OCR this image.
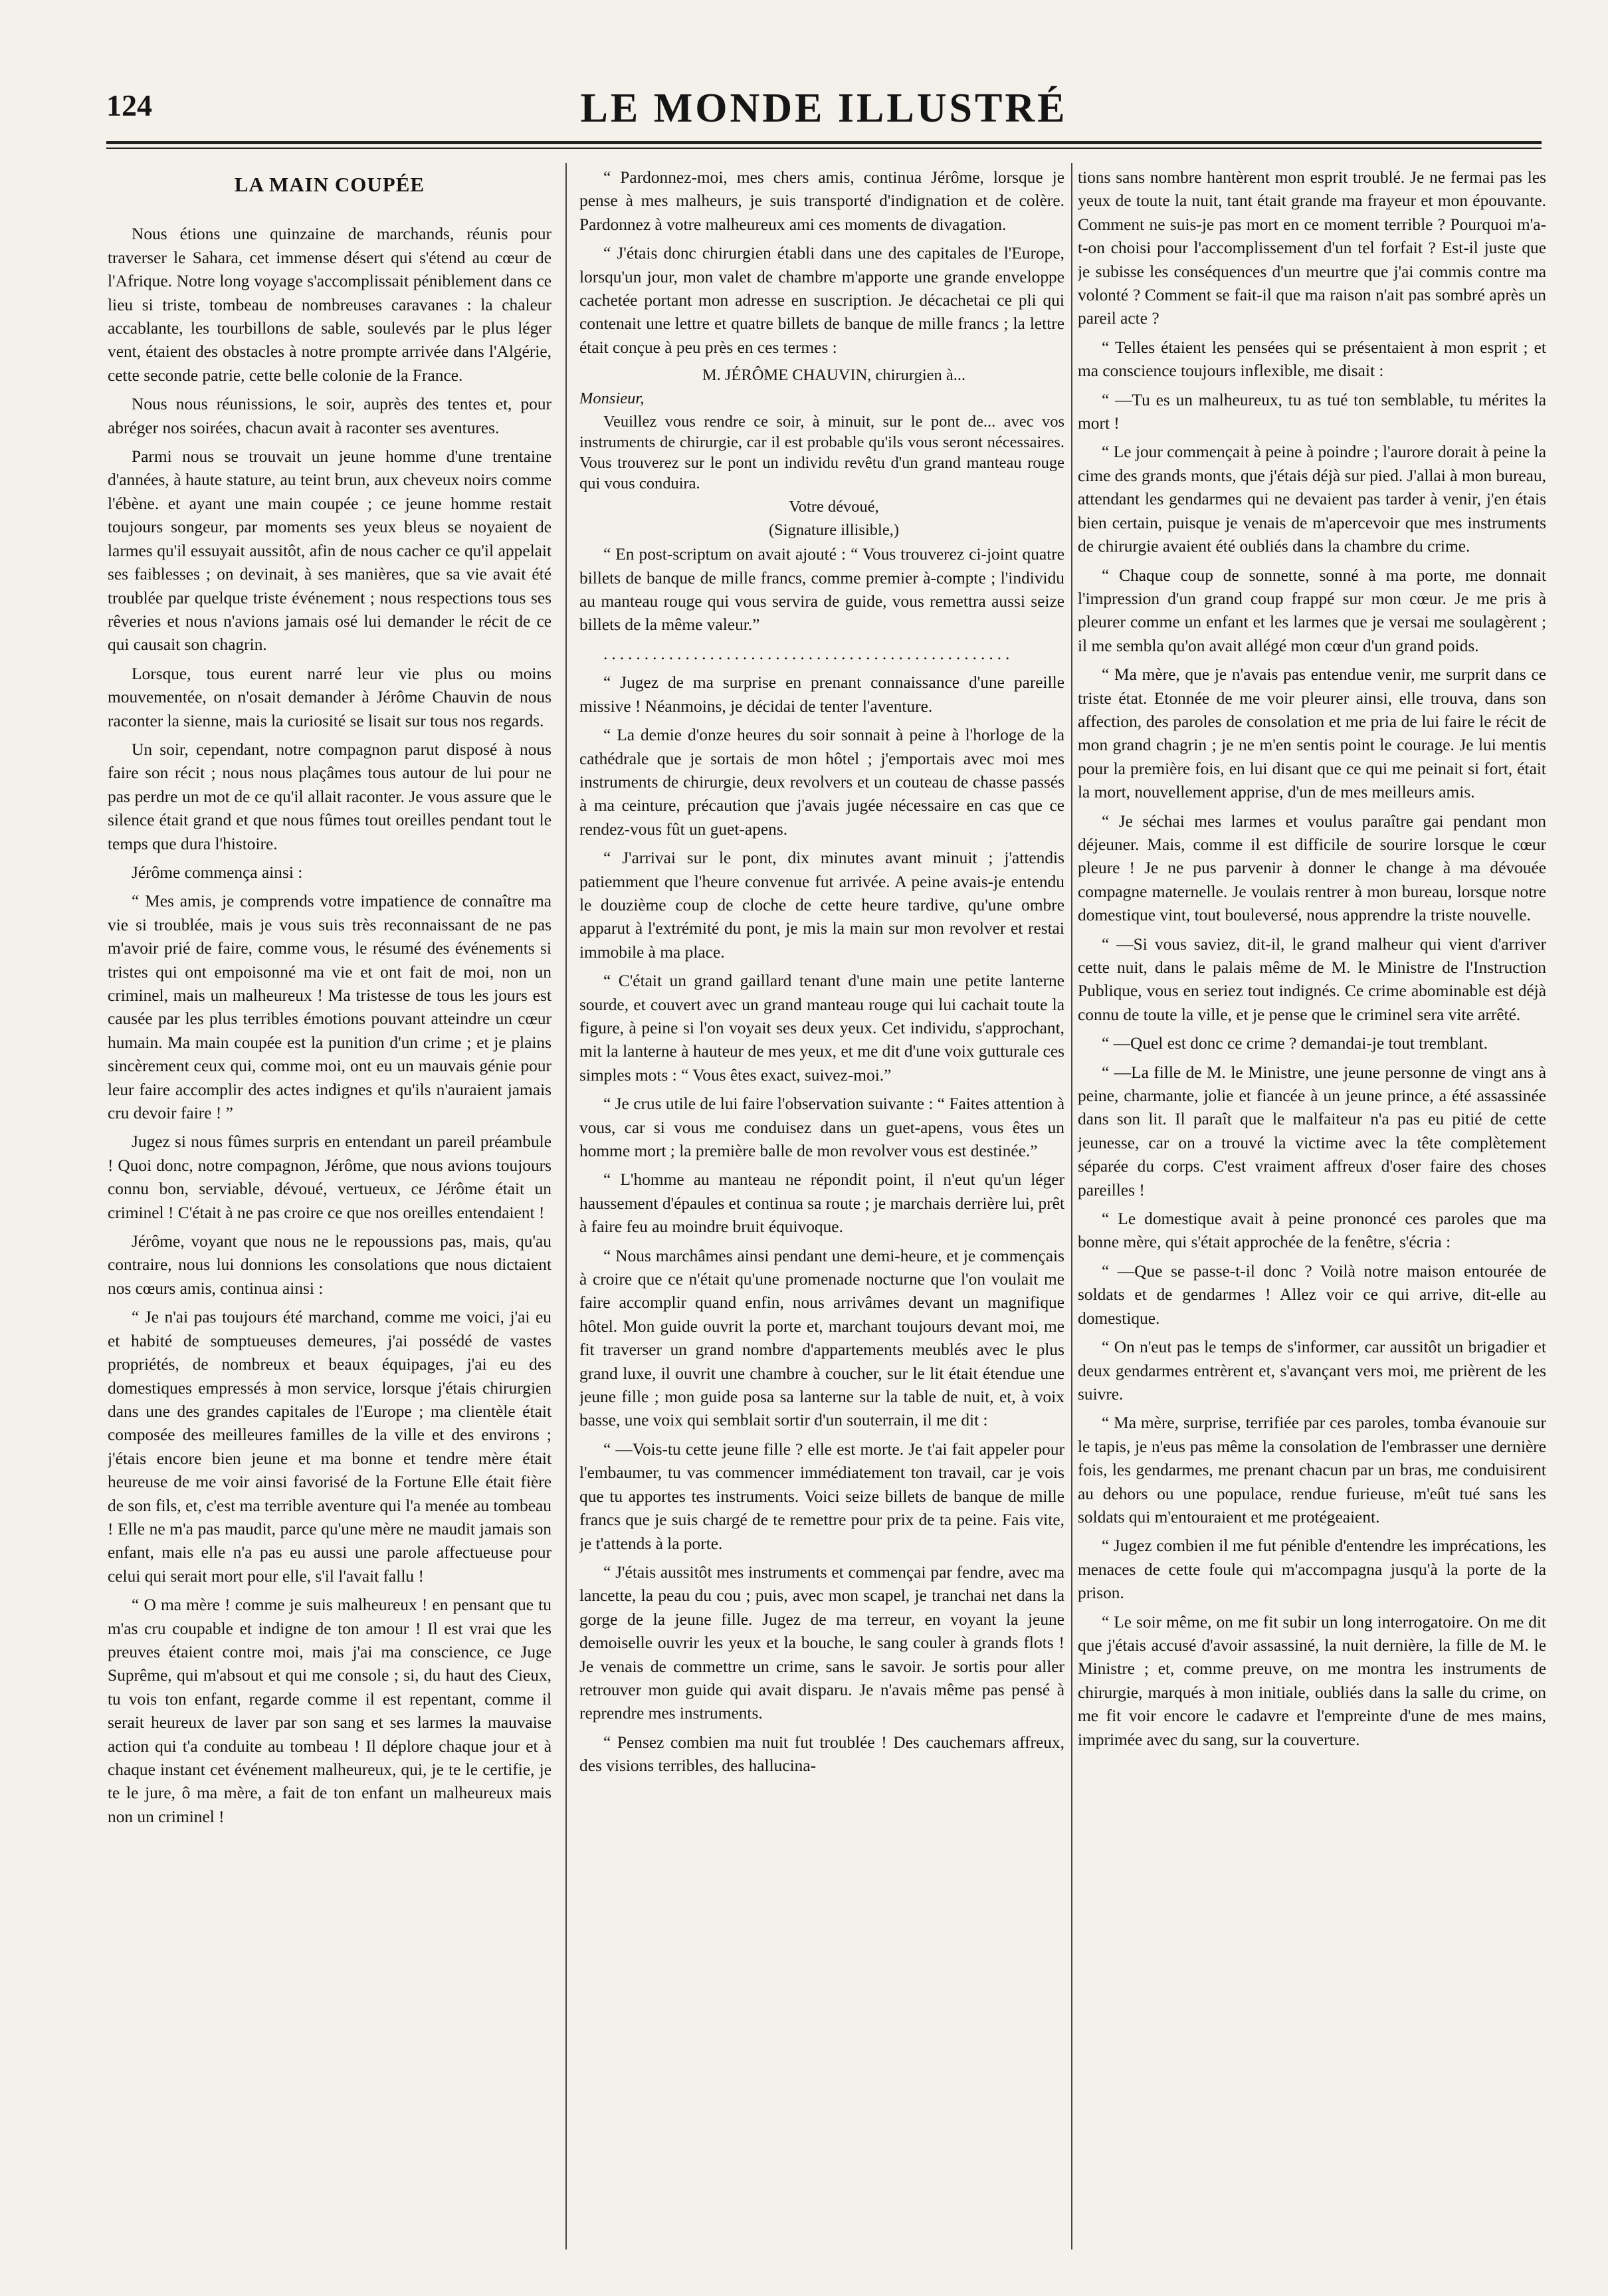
124	LE MONDE ILLUSTRÉ
LA MAIN COUPÉE

Nous étions une quinzaine de marchands, réunis pour traverser le Sahara, cet immense désert qui s'étend au cœur de l'Afrique. Notre long voyage s'accomplissait péniblement dans ce lieu si triste, tombeau de nombreuses caravanes : la chaleur accablante, les tourbillons de sable, soulevés par le plus léger vent, étaient des obstacles à notre prompte arrivée dans l'Algérie, cette seconde patrie, cette belle colonie de la France.

Nous nous réunissions, le soir, auprès des tentes et, pour abréger nos soirées, chacun avait à raconter ses aventures.

Parmi nous se trouvait un jeune homme d'une trentaine d'années, à haute stature, au teint brun, aux cheveux noirs comme l'ébène. et ayant une main coupée ; ce jeune homme restait toujours songeur, par moments ses yeux bleus se noyaient de larmes qu'il essuyait aussitôt, afin de nous cacher ce qu'il appelait ses faiblesses ; on devinait, à ses manières, que sa vie avait été troublée par quelque triste événement ; nous respections tous ses rêveries et nous n'avions jamais osé lui demander le récit de ce qui causait son chagrin.

Lorsque, tous eurent narré leur vie plus ou moins mouvementée, on n'osait demander à Jérôme Chauvin de nous raconter la sienne, mais la curiosité se lisait sur tous nos regards.

Un soir, cependant, notre compagnon parut disposé à nous faire son récit ; nous nous plaçâmes tous autour de lui pour ne pas perdre un mot de ce qu'il allait raconter. Je vous assure que le silence était grand et que nous fûmes tout oreilles pendant tout le temps que dura l'histoire.

Jérôme commença ainsi :

“ Mes amis, je comprends votre impatience de connaître ma vie si troublée, mais je vous suis très reconnaissant de ne pas m'avoir prié de faire, comme vous, le résumé des événements si tristes qui ont empoisonné ma vie et ont fait de moi, non un criminel, mais un malheureux ! Ma tristesse de tous les jours est causée par les plus terribles émotions pouvant atteindre un cœur humain. Ma main coupée est la punition d'un crime ; et je plains sincèrement ceux qui, comme moi, ont eu un mauvais génie pour leur faire accomplir des actes indignes et qu'ils n'auraient jamais cru devoir faire ! ”

Jugez si nous fûmes surpris en entendant un pareil préambule ! Quoi donc, notre compagnon, Jérôme, que nous avions toujours connu bon, serviable, dévoué, vertueux, ce Jérôme était un criminel ! C'était à ne pas croire ce que nos oreilles entendaient !

Jérôme, voyant que nous ne le repoussions pas, mais, qu'au contraire, nous lui donnions les consolations que nous dictaient nos cœurs amis, continua ainsi :

“ Je n'ai pas toujours été marchand, comme me voici, j'ai eu et habité de somptueuses demeures, j'ai possédé de vastes propriétés, de nombreux et beaux équipages, j'ai eu des domestiques empressés à mon service, lorsque j'étais chirurgien dans une des grandes capitales de l'Europe ; ma clientèle était composée des meilleures familles de la ville et des environs ; j'étais encore bien jeune et ma bonne et tendre mère était heureuse de me voir ainsi favorisé de la Fortune Elle était fière de son fils, et, c'est ma terrible aventure qui l'a menée au tombeau ! Elle ne m'a pas maudit, parce qu'une mère ne maudit jamais son enfant, mais elle n'a pas eu aussi une parole affectueuse pour celui qui serait mort pour elle, s'il l'avait fallu !

“ O ma mère ! comme je suis malheureux ! en pensant que tu m'as cru coupable et indigne de ton amour ! Il est vrai que les preuves étaient contre moi, mais j'ai ma conscience, ce Juge Suprême, qui m'absout et qui me console ; si, du haut des Cieux, tu vois ton enfant, regarde comme il est repentant, comme il serait heureux de laver par son sang et ses larmes la mauvaise action qui t'a conduite au tombeau ! Il déplore chaque jour et à chaque instant cet événement malheureux, qui, je te le certifie, je te le jure, ô ma mère, a fait de ton enfant un malheureux mais non un criminel !

“ Pardonnez-moi, mes chers amis, continua Jérôme, lorsque je pense à mes malheurs, je suis transporté d'indignation et de colère. Pardonnez à votre malheureux ami ces moments de divagation.

“ J'étais donc chirurgien établi dans une des capitales de l'Europe, lorsqu'un jour, mon valet de chambre m'apporte une grande enveloppe cachetée portant mon adresse en suscription. Je décachetai ce pli qui contenait une lettre et quatre billets de banque de mille francs ; la lettre était conçue à peu près en ces termes :

M. JÉRÔME CHAUVIN, chirurgien à...

Monsieur,

Veuillez vous rendre ce soir, à minuit, sur le pont de... avec vos instruments de chirurgie, car il est probable qu'ils vous seront nécessaires. Vous trouverez sur le pont un individu revêtu d'un grand manteau rouge qui vous conduira.

Votre dévoué,

(Signature illisible,)

“ En post-scriptum on avait ajouté : “ Vous trouverez ci-joint quatre billets de banque de mille francs, comme premier à-compte ; l'individu au manteau rouge qui vous servira de guide, vous remettra aussi seize billets de la même valeur.”

..................................................

“ Jugez de ma surprise en prenant connaissance d'une pareille missive ! Néanmoins, je décidai de tenter l'aventure.

“ La demie d'onze heures du soir sonnait à peine à l'horloge de la cathédrale que je sortais de mon hôtel ; j'emportais avec moi mes instruments de chirurgie, deux revolvers et un couteau de chasse passés à ma ceinture, précaution que j'avais jugée nécessaire en cas que ce rendez-vous fût un guet-apens.

“ J'arrivai sur le pont, dix minutes avant minuit ; j'attendis patiemment que l'heure convenue fut arrivée. A peine avais-je entendu le douzième coup de cloche de cette heure tardive, qu'une ombre apparut à l'extrémité du pont, je mis la main sur mon revolver et restai immobile à ma place.

“ C'était un grand gaillard tenant d'une main une petite lanterne sourde, et couvert avec un grand manteau rouge qui lui cachait toute la figure, à peine si l'on voyait ses deux yeux. Cet individu, s'approchant, mit la lanterne à hauteur de mes yeux, et me dit d'une voix gutturale ces simples mots : “ Vous êtes exact, suivez-moi.”

“ Je crus utile de lui faire l'observation suivante : “ Faites attention à vous, car si vous me conduisez dans un guet-apens, vous êtes un homme mort ; la première balle de mon revolver vous est destinée.”

“ L'homme au manteau ne répondit point, il n'eut qu'un léger haussement d'épaules et continua sa route ; je marchais derrière lui, prêt à faire feu au moindre bruit équivoque.

“ Nous marchâmes ainsi pendant une demi-heure, et je commençais à croire que ce n'était qu'une promenade nocturne que l'on voulait me faire accomplir quand enfin, nous arrivâmes devant un magnifique hôtel. Mon guide ouvrit la porte et, marchant toujours devant moi, me fit traverser un grand nombre d'appartements meublés avec le plus grand luxe, il ouvrit une chambre à coucher, sur le lit était étendue une jeune fille ; mon guide posa sa lanterne sur la table de nuit, et, à voix basse, une voix qui semblait sortir d'un souterrain, il me dit :

“ —Vois-tu cette jeune fille ? elle est morte. Je t'ai fait appeler pour l'embaumer, tu vas commencer immédiatement ton travail, car je vois que tu apportes tes instruments. Voici seize billets de banque de mille francs que je suis chargé de te remettre pour prix de ta peine. Fais vite, je t'attends à la porte.

“ J'étais aussitôt mes instruments et commençai par fendre, avec ma lancette, la peau du cou ; puis, avec mon scapel, je tranchai net dans la gorge de la jeune fille. Jugez de ma terreur, en voyant la jeune demoiselle ouvrir les yeux et la bouche, le sang couler à grands flots ! Je venais de commettre un crime, sans le savoir. Je sortis pour aller retrouver mon guide qui avait disparu. Je n'avais même pas pensé à reprendre mes instruments.

“ Pensez combien ma nuit fut troublée ! Des cauchemars affreux, des visions terribles, des hallucina-

tions sans nombre hantèrent mon esprit troublé. Je ne fermai pas les yeux de toute la nuit, tant était grande ma frayeur et mon épouvante. Comment ne suis-je pas mort en ce moment terrible ? Pourquoi m'a-t-on choisi pour l'accomplissement d'un tel forfait ? Est-il juste que je subisse les conséquences d'un meurtre que j'ai commis contre ma volonté ? Comment se fait-il que ma raison n'ait pas sombré après un pareil acte ?

“ Telles étaient les pensées qui se présentaient à mon esprit ; et ma conscience toujours inflexible, me disait :

“ —Tu es un malheureux, tu as tué ton semblable, tu mérites la mort !

“ Le jour commençait à peine à poindre ; l'aurore dorait à peine la cime des grands monts, que j'étais déjà sur pied. J'allai à mon bureau, attendant les gendarmes qui ne devaient pas tarder à venir, j'en étais bien certain, puisque je venais de m'apercevoir que mes instruments de chirurgie avaient été oubliés dans la chambre du crime.

“ Chaque coup de sonnette, sonné à ma porte, me donnait l'impression d'un grand coup frappé sur mon cœur. Je me pris à pleurer comme un enfant et les larmes que je versai me soulagèrent ; il me sembla qu'on avait allégé mon cœur d'un grand poids.

“ Ma mère, que je n'avais pas entendue venir, me surprit dans ce triste état. Etonnée de me voir pleurer ainsi, elle trouva, dans son affection, des paroles de consolation et me pria de lui faire le récit de mon grand chagrin ; je ne m'en sentis point le courage. Je lui mentis pour la première fois, en lui disant que ce qui me peinait si fort, était la mort, nouvellement apprise, d'un de mes meilleurs amis.

“ Je séchai mes larmes et voulus paraître gai pendant mon déjeuner. Mais, comme il est difficile de sourire lorsque le cœur pleure ! Je ne pus parvenir à donner le change à ma dévouée compagne maternelle. Je voulais rentrer à mon bureau, lorsque notre domestique vint, tout bouleversé, nous apprendre la triste nouvelle.

“ —Si vous saviez, dit-il, le grand malheur qui vient d'arriver cette nuit, dans le palais même de M. le Ministre de l'Instruction Publique, vous en seriez tout indignés. Ce crime abominable est déjà connu de toute la ville, et je pense que le criminel sera vite arrêté.

“ —Quel est donc ce crime ? demandai-je tout tremblant.

“ —La fille de M. le Ministre, une jeune personne de vingt ans à peine, charmante, jolie et fiancée à un jeune prince, a été assassinée dans son lit. Il paraît que le malfaiteur n'a pas eu pitié de cette jeunesse, car on a trouvé la victime avec la tête complètement séparée du corps. C'est vraiment affreux d'oser faire des choses pareilles !

“ Le domestique avait à peine prononcé ces paroles que ma bonne mère, qui s'était approchée de la fenêtre, s'écria :

“ —Que se passe-t-il donc ? Voilà notre maison entourée de soldats et de gendarmes ! Allez voir ce qui arrive, dit-elle au domestique.

“ On n'eut pas le temps de s'informer, car aussitôt un brigadier et deux gendarmes entrèrent et, s'avançant vers moi, me prièrent de les suivre.

“ Ma mère, surprise, terrifiée par ces paroles, tomba évanouie sur le tapis, je n'eus pas même la consolation de l'embrasser une dernière fois, les gendarmes, me prenant chacun par un bras, me conduisirent au dehors ou une populace, rendue furieuse, m'eût tué sans les soldats qui m'entouraient et me protégeaient.

“ Jugez combien il me fut pénible d'entendre les imprécations, les menaces de cette foule qui m'accompagna jusqu'à la porte de la prison.

“ Le soir même, on me fit subir un long interrogatoire. On me dit que j'étais accusé d'avoir assassiné, la nuit dernière, la fille de M. le Ministre ; et, comme preuve, on me montra les instruments de chirurgie, marqués à mon initiale, oubliés dans la salle du crime, on me fit voir encore le cadavre et l'empreinte d'une de mes mains, imprimée avec du sang, sur la couverture.
